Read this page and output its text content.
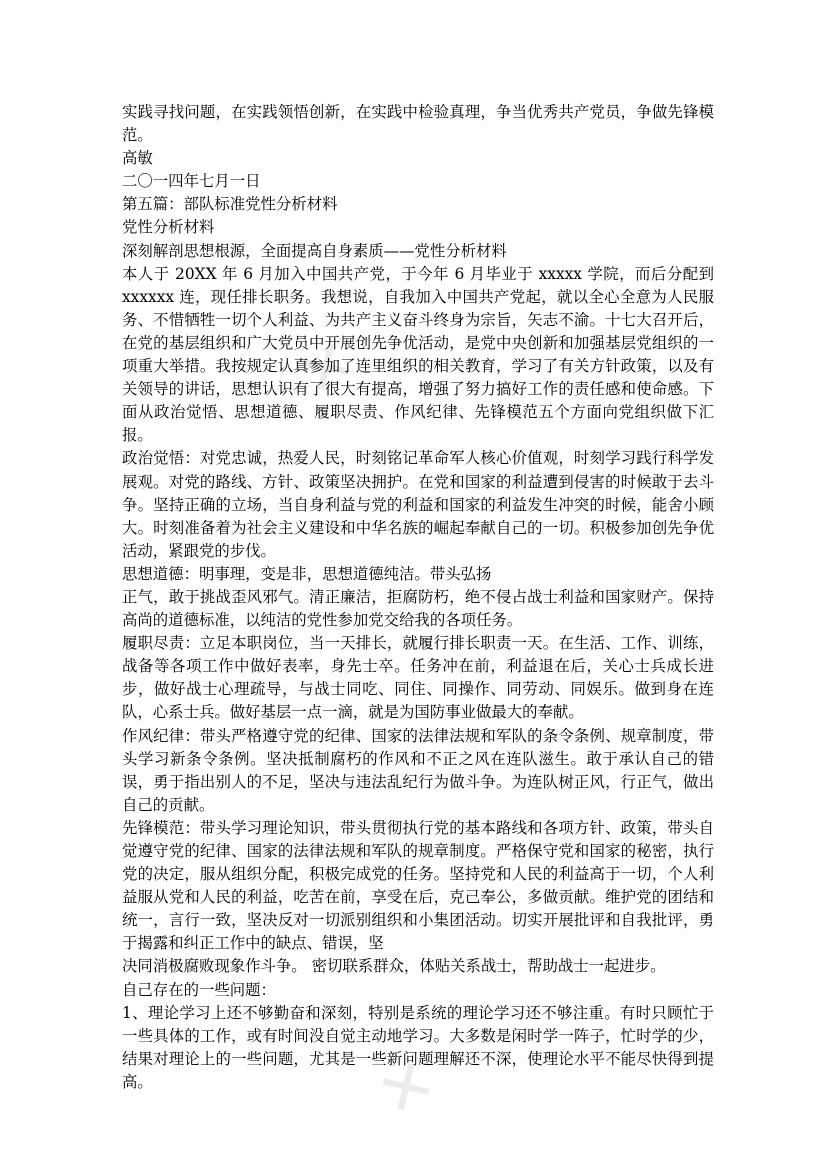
✕
✕

实践寻找问题，在实践领悟创新，在实践中检验真理，争当优秀共产党员，争做先锋模范。

高敏

二〇一四年七月一日

第五篇：部队标准党性分析材料

党性分析材料

深刻解剖思想根源，全面提高自身素质——党性分析材料

本人于 20XX 年 6 月加入中国共产党，于今年 6 月毕业于 xxxxx 学院，而后分配到 xxxxxx 连，现任排长职务。我想说，自我加入中国共产党起，就以全心全意为人民服务、不惜牺牲一切个人利益、为共产主义奋斗终身为宗旨，矢志不渝。十七大召开后，在党的基层组织和广大党员中开展创先争优活动，是党中央创新和加强基层党组织的一项重大举措。我按规定认真参加了连里组织的相关教育，学习了有关方针政策，以及有关领导的讲话，思想认识有了很大有提高，增强了努力搞好工作的责任感和使命感。下面从政治觉悟、思想道德、履职尽责、作风纪律、先锋模范五个方面向党组织做下汇报。

政治觉悟：对党忠诚，热爱人民，时刻铭记革命军人核心价值观，时刻学习践行科学发展观。对党的路线、方针、政策坚决拥护。在党和国家的利益遭到侵害的时候敢于去斗争。坚持正确的立场，当自身利益与党的利益和国家的利益发生冲突的时候，能舍小顾大。时刻准备着为社会主义建设和中华名族的崛起奉献自己的一切。积极参加创先争优活动，紧跟党的步伐。

思想道德：明事理，变是非，思想道德纯洁。带头弘扬

正气，敢于挑战歪风邪气。清正廉洁，拒腐防朽，绝不侵占战士利益和国家财产。保持高尚的道德标准，以纯洁的党性参加党交给我的各项任务。

履职尽责：立足本职岗位，当一天排长，就履行排长职责一天。在生活、工作、训练，战备等各项工作中做好表率，身先士卒。任务冲在前，利益退在后，关心士兵成长进步，做好战士心理疏导，与战士同吃、同住、同操作、同劳动、同娱乐。做到身在连队，心系士兵。做好基层一点一滴，就是为国防事业做最大的奉献。

作风纪律：带头严格遵守党的纪律、国家的法律法规和军队的条令条例、规章制度，带头学习新条令条例。坚决抵制腐朽的作风和不正之风在连队滋生。敢于承认自己的错误，勇于指出别人的不足，坚决与违法乱纪行为做斗争。为连队树正风，行正气，做出自己的贡献。

先锋模范：带头学习理论知识，带头贯彻执行党的基本路线和各项方针、政策，带头自觉遵守党的纪律、国家的法律法规和军队的规章制度。严格保守党和国家的秘密，执行党的决定，服从组织分配，积极完成党的任务。坚持党和人民的利益高于一切，个人利益服从党和人民的利益，吃苦在前，享受在后，克己奉公，多做贡献。维护党的团结和统一，言行一致，坚决反对一切派别组织和小集团活动。切实开展批评和自我批评，勇于揭露和纠正工作中的缺点、错误，坚

决同消极腐败现象作斗争。 密切联系群众，体贴关系战士，帮助战士一起进步。

自己存在的一些问题：

1、理论学习上还不够勤奋和深刻，特别是系统的理论学习还不够注重。有时只顾忙于一些具体的工作，或有时间没自觉主动地学习。大多数是闲时学一阵子，忙时学的少，结果对理论上的一些问题，尤其是一些新问题理解还不深，使理论水平不能尽快得到提高。
